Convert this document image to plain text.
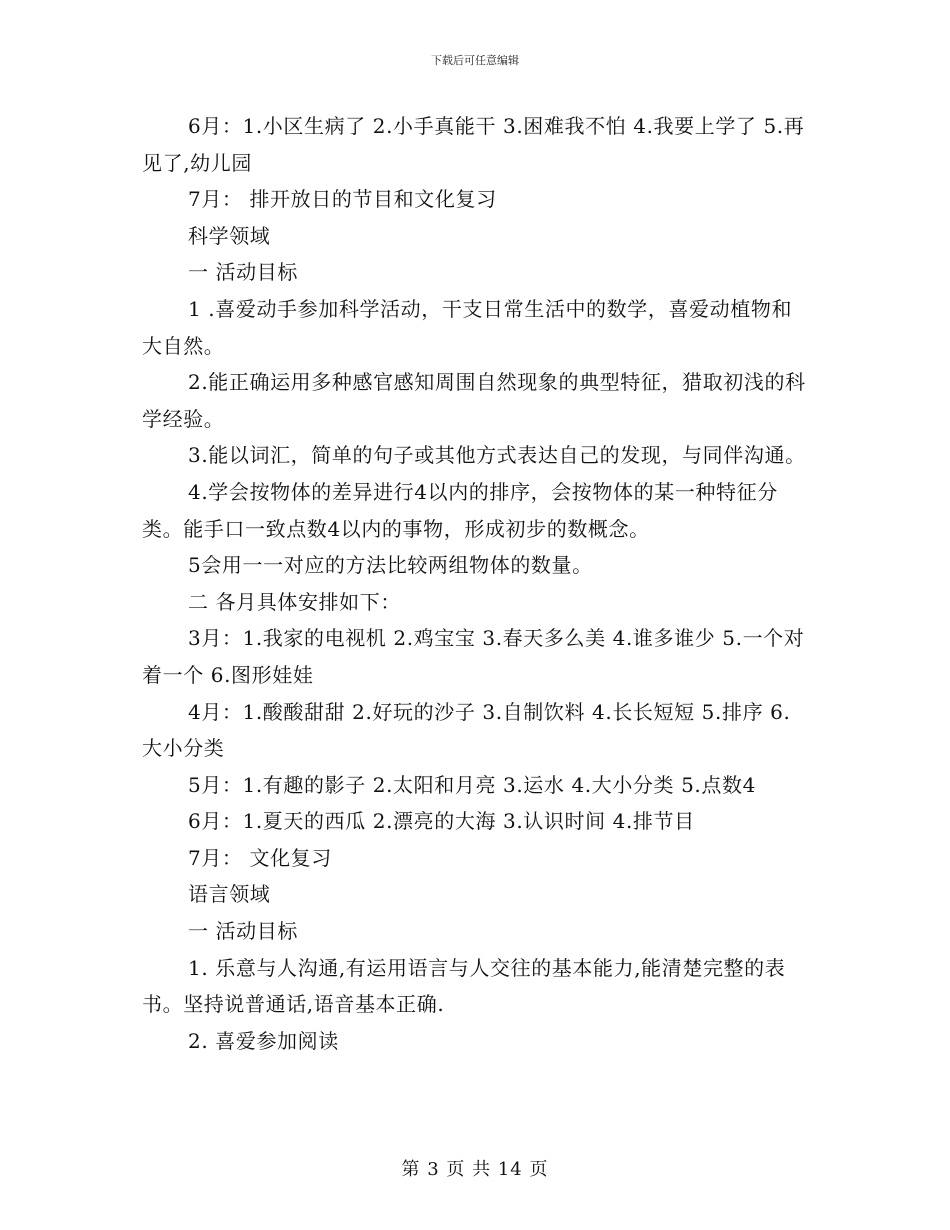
下载后可任意编辑

6月：1.小区生病了 2.小手真能干 3.困难我不怕 4.我要上学了 5.再见了,幼儿园

7月： 排开放日的节目和文化复习

科学领域

一 活动目标

1 .喜爱动手参加科学活动，干支日常生活中的数学，喜爱动植物和大自然。

2.能正确运用多种感官感知周围自然现象的典型特征，猎取初浅的科学经验。

3.能以词汇，简单的句子或其他方式表达自己的发现，与同伴沟通。

4.学会按物体的差异进行4以内的排序，会按物体的某一种特征分类。能手口一致点数4以内的事物，形成初步的数概念。

5会用一一对应的方法比较两组物体的数量。

二 各月具体安排如下：

3月：1.我家的电视机 2.鸡宝宝 3.春天多么美 4.谁多谁少 5.一个对着一个 6.图形娃娃

4月：1.酸酸甜甜 2.好玩的沙子 3.自制饮料 4.长长短短 5.排序 6.大小分类

5月：1.有趣的影子 2.太阳和月亮 3.运水 4.大小分类 5.点数4

6月：1.夏天的西瓜 2.漂亮的大海 3.认识时间 4.排节目

7月： 文化复习

语言领域

一 活动目标

1. 乐意与人沟通,有运用语言与人交往的基本能力,能清楚完整的表书。坚持说普通话,语音基本正确.

2. 喜爱参加阅读

第 3 页 共 14 页
